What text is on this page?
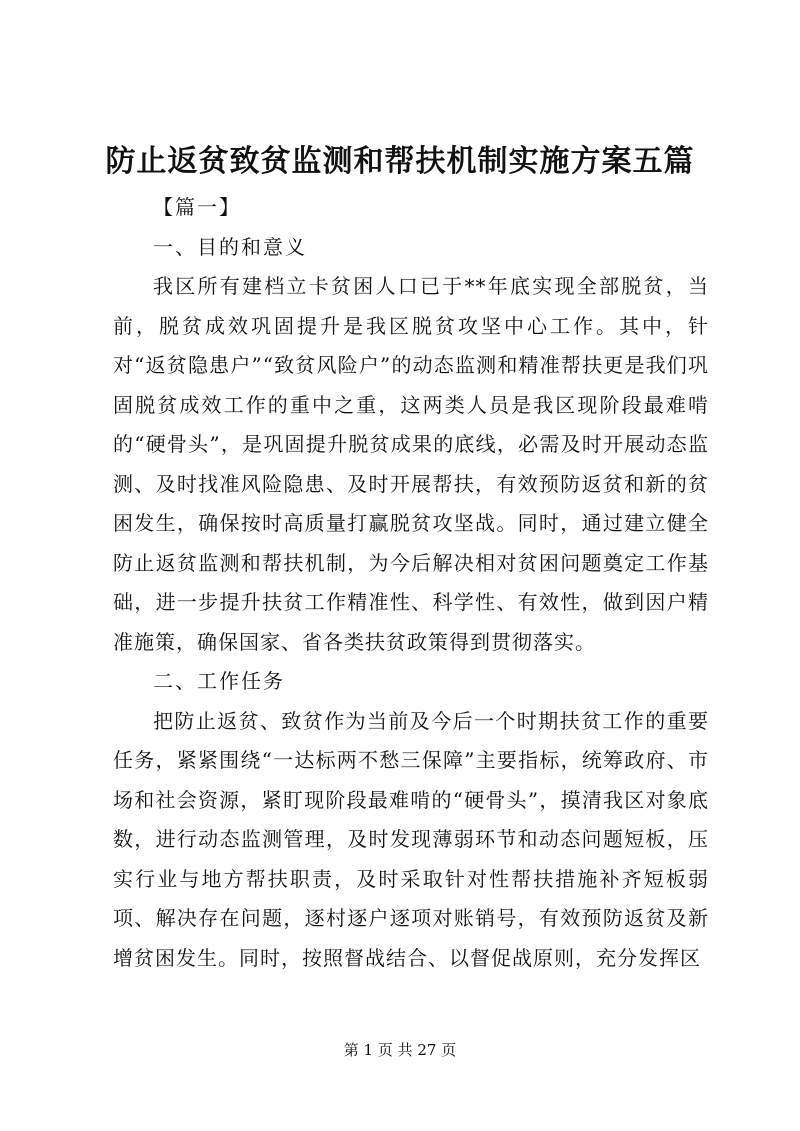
防止返贫致贫监测和帮扶机制实施方案五篇

【篇一】

一、目的和意义

我区所有建档立卡贫困人口已于**年底实现全部脱贫，当前，脱贫成效巩固提升是我区脱贫攻坚中心工作。其中，针对“返贫隐患户”“致贫风险户”的动态监测和精准帮扶更是我们巩固脱贫成效工作的重中之重，这两类人员是我区现阶段最难啃的“硬骨头”，是巩固提升脱贫成果的底线，必需及时开展动态监测、及时找准风险隐患、及时开展帮扶，有效预防返贫和新的贫困发生，确保按时高质量打赢脱贫攻坚战。同时，通过建立健全防止返贫监测和帮扶机制，为今后解决相对贫困问题奠定工作基础，进一步提升扶贫工作精准性、科学性、有效性，做到因户精准施策，确保国家、省各类扶贫政策得到贯彻落实。

二、工作任务

把防止返贫、致贫作为当前及今后一个时期扶贫工作的重要任务，紧紧围绕“一达标两不愁三保障”主要指标，统筹政府、市场和社会资源，紧盯现阶段最难啃的“硬骨头”，摸清我区对象底数，进行动态监测管理，及时发现薄弱环节和动态问题短板，压实行业与地方帮扶职责，及时采取针对性帮扶措施补齐短板弱项、解决存在问题，逐村逐户逐项对账销号，有效预防返贫及新增贫困发生。同时，按照督战结合、以督促战原则，充分发挥区

第 1 页 共 27 页
